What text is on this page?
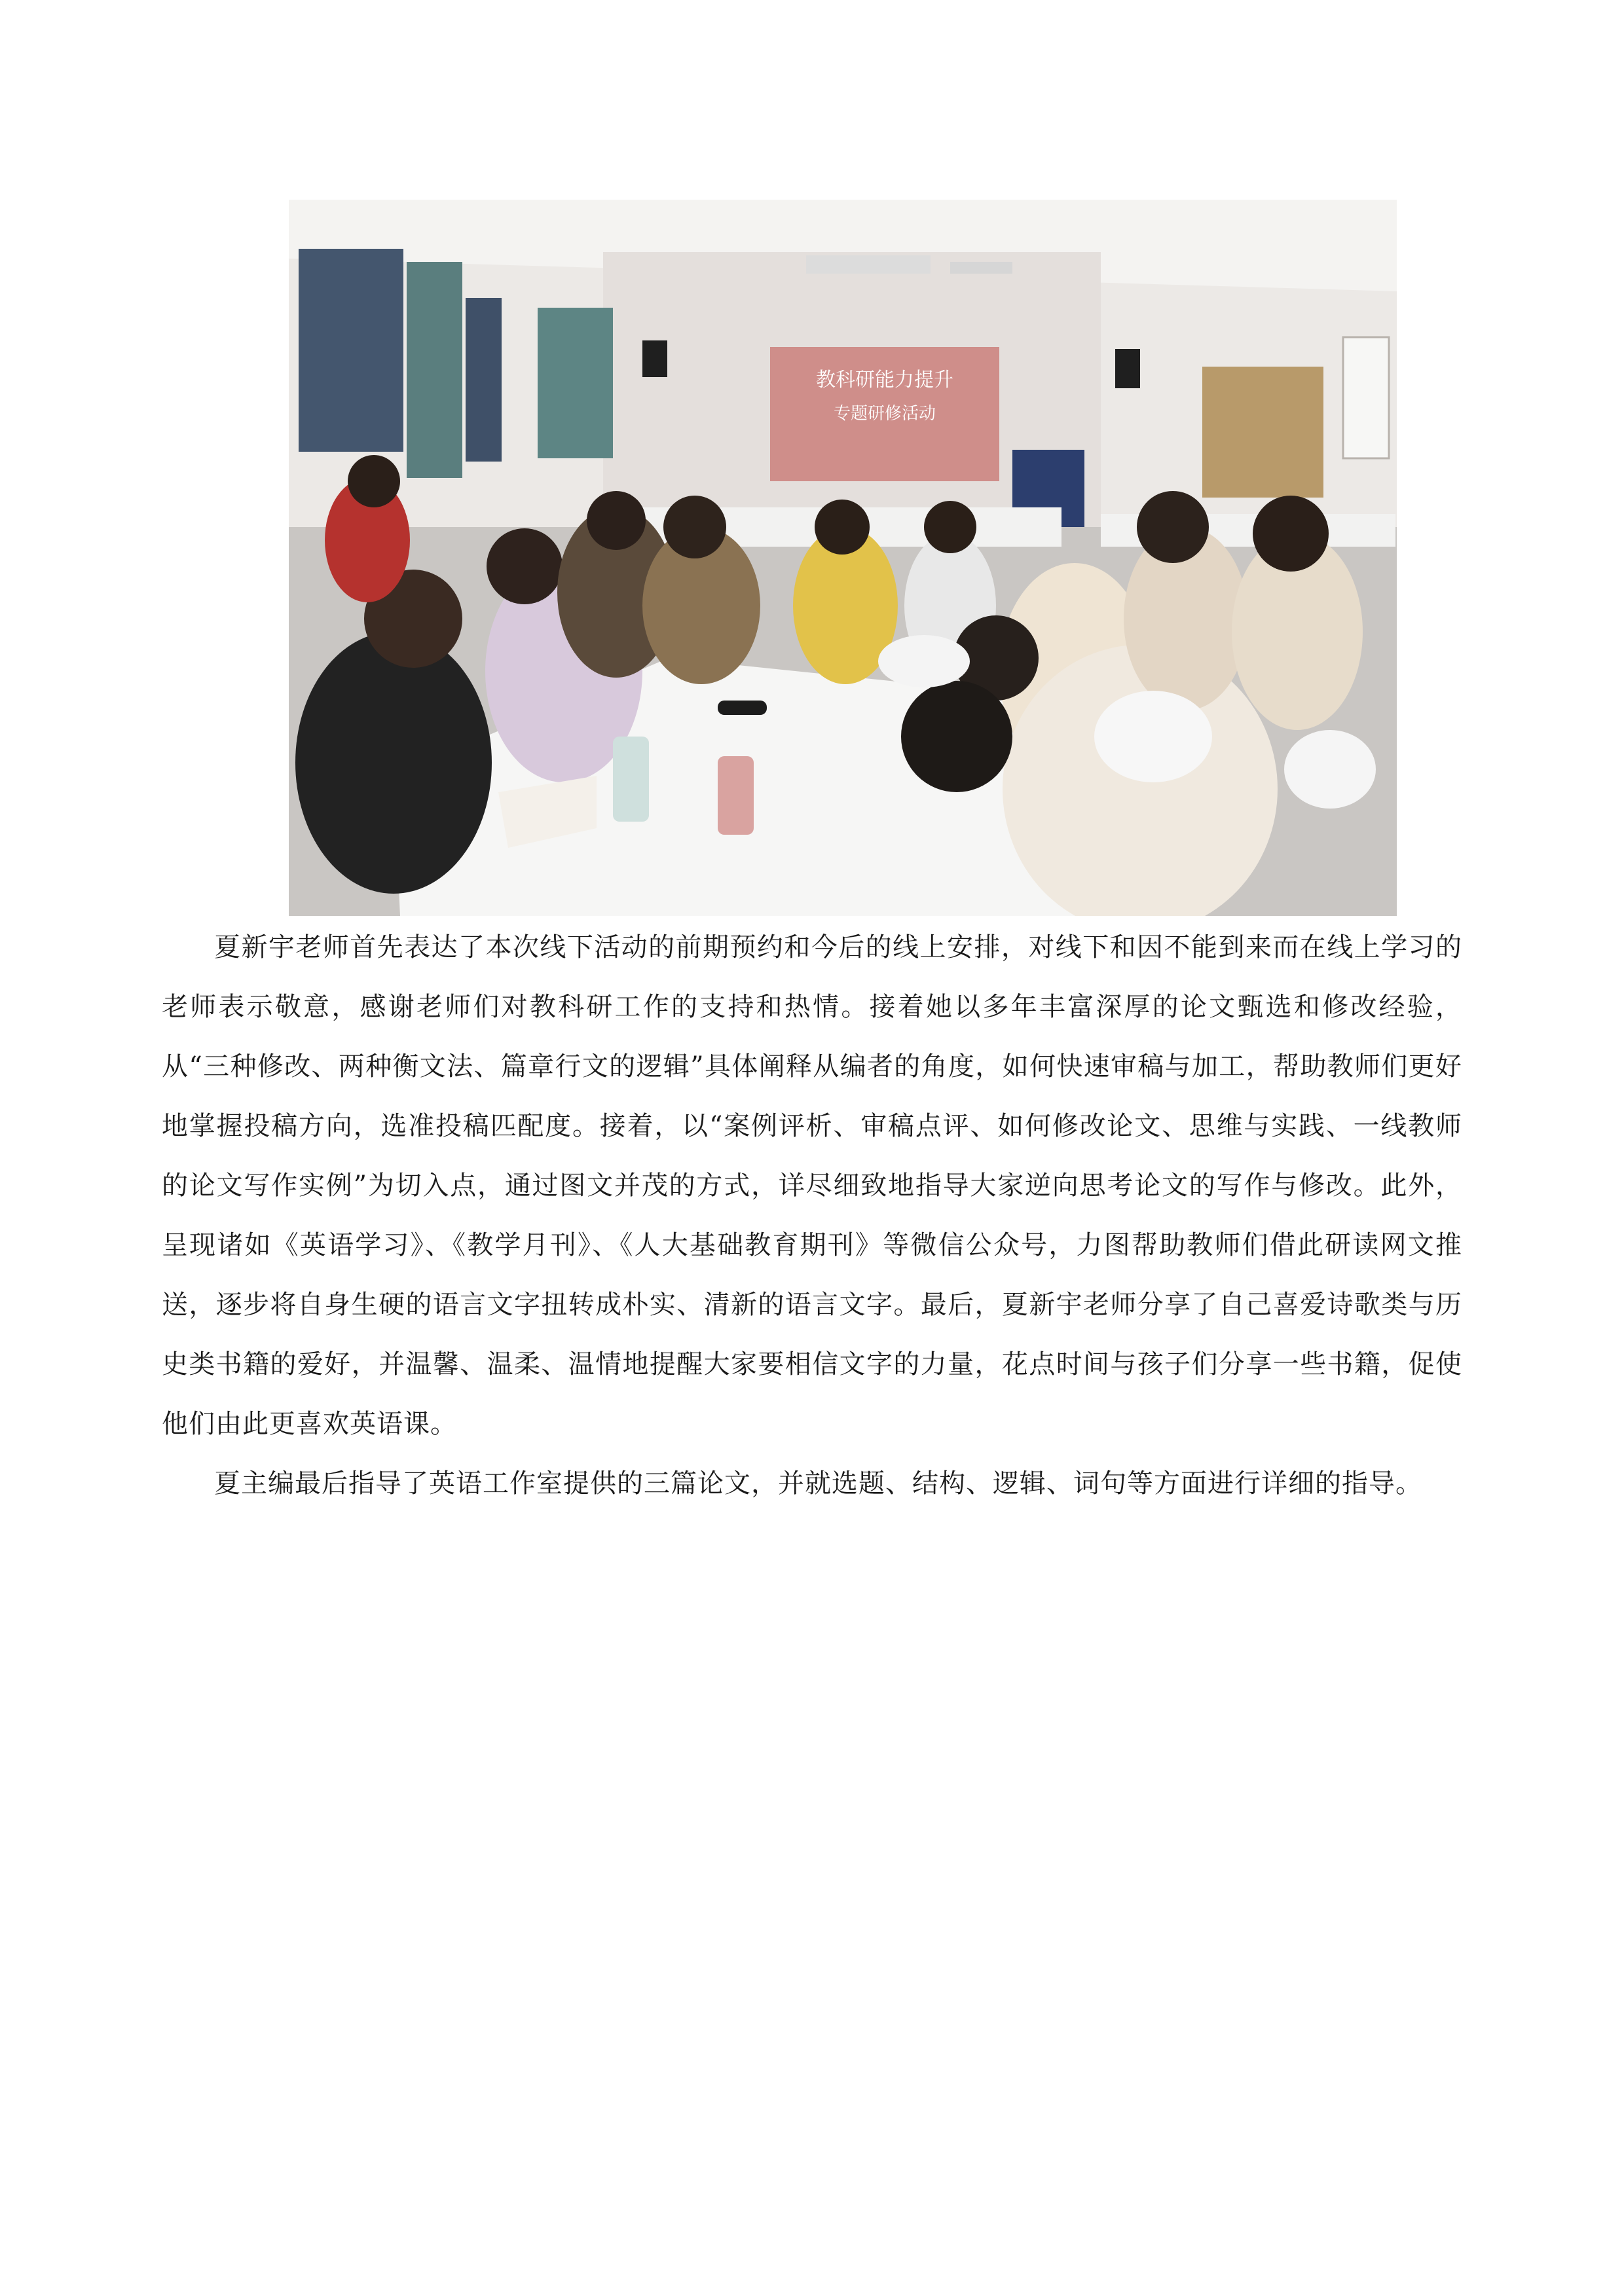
教科研能力提升
专题研修活动

夏新宇老师首先表达了本次线下活动的前期预约和今后的线上安排，对线下和因不能到来而在线上学习的老师表示敬意，感谢老师们对教科研工作的支持和热情。接着她以多年丰富深厚的论文甄选和修改经验，从“三种修改、两种衡文法、篇章行文的逻辑”具体阐释从编者的角度，如何快速审稿与加工，帮助教师们更好地掌握投稿方向，选准投稿匹配度。接着，以“案例评析、审稿点评、如何修改论文、思维与实践、一线教师的论文写作实例”为切入点，通过图文并茂的方式，详尽细致地指导大家逆向思考论文的写作与修改。此外，呈现诸如《英语学习》、《教学月刊》、《人大基础教育期刊》等微信公众号，力图帮助教师们借此研读网文推送，逐步将自身生硬的语言文字扭转成朴实、清新的语言文字。最后，夏新宇老师分享了自己喜爱诗歌类与历史类书籍的爱好，并温馨、温柔、温情地提醒大家要相信文字的力量，花点时间与孩子们分享一些书籍，促使他们由此更喜欢英语课。

夏主编最后指导了英语工作室提供的三篇论文，并就选题、结构、逻辑、词句等方面进行详细的指导。
